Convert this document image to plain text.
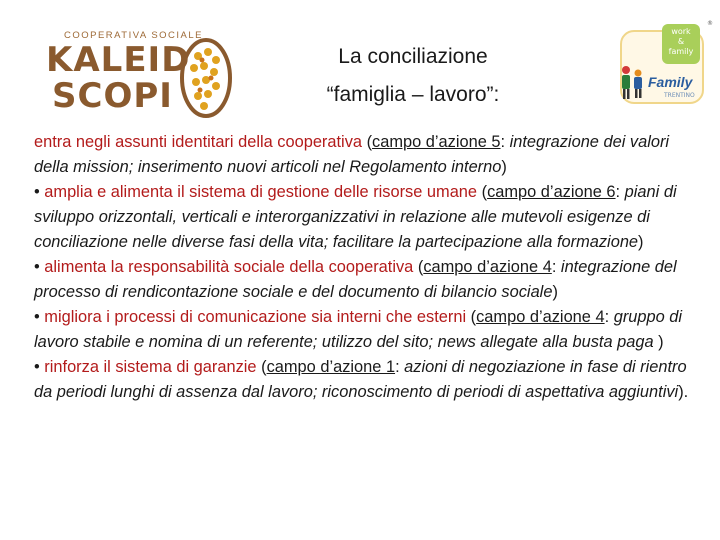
COOPERATIVA SOCIALE
KALEID
SCOPI
La conciliazione
“famiglia – lavoro”:
®
work
&
family
Family
TRENTINO

entra negli assunti identitari della cooperativa (campo d’azione 5: integrazione dei valori della mission; inserimento nuovi articoli nel Regolamento interno)

• amplia e alimenta il sistema di gestione delle risorse umane (campo d’azione 6: piani di sviluppo orizzontali, verticali e interorganizzativi in relazione alle mutevoli esigenze di conciliazione nelle diverse fasi della vita; facilitare la partecipazione alla formazione)

• alimenta la responsabilità sociale della cooperativa (campo d’azione 4: integrazione del processo di rendicontazione sociale e del documento di bilancio sociale)

• migliora i processi di comunicazione sia interni che esterni (campo d’azione 4: gruppo di lavoro stabile e nomina di un referente; utilizzo del sito; news allegate alla busta paga )

• rinforza il sistema di garanzie (campo d’azione 1: azioni di negoziazione in fase di rientro da periodi lunghi di assenza dal lavoro; riconoscimento di periodi di aspettativa aggiuntivi).
